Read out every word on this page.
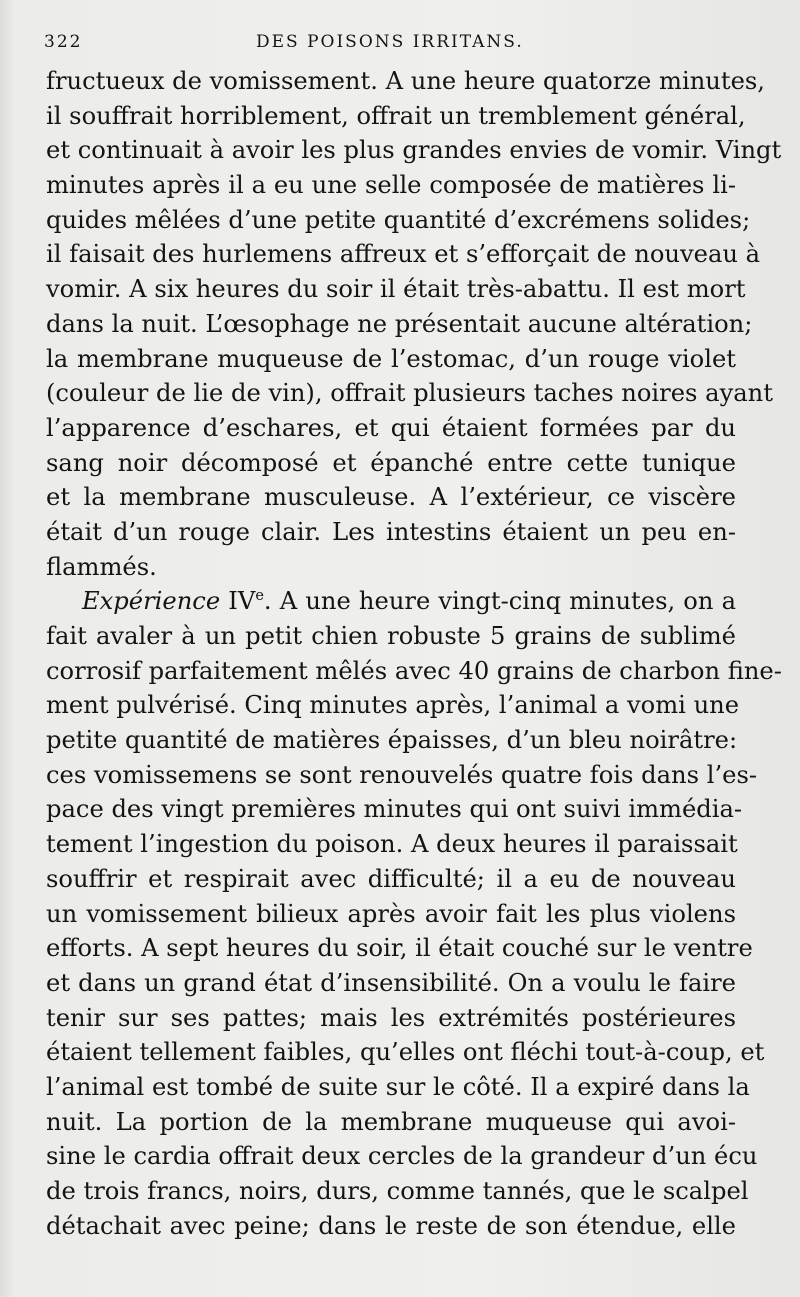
322	DES POISONS IRRITANS.
fructueux de vomissement. A une heure quatorze minutes,
il souffrait horriblement, offrait un tremblement général,
et continuait à avoir les plus grandes envies de vomir. Vingt
minutes après il a eu une selle composée de matières li-
quides mêlées d’une petite quantité d’excrémens solides;
il faisait des hurlemens affreux et s’efforçait de nouveau à
vomir. A six heures du soir il était très-abattu. Il est mort
dans la nuit. L’œsophage ne présentait aucune altération;
la membrane muqueuse de l’estomac, d’un rouge violet
(couleur de lie de vin), offrait plusieurs taches noires ayant
l’apparence d’eschares, et qui étaient formées par du
sang noir décomposé et épanché entre cette tunique
et la membrane musculeuse. A l’extérieur, ce viscère
était d’un rouge clair. Les intestins étaient un peu en-
flammés.
Expérience IVe. A une heure vingt-cinq minutes, on a
fait avaler à un petit chien robuste 5 grains de sublimé
corrosif parfaitement mêlés avec 40 grains de charbon fine-
ment pulvérisé. Cinq minutes après, l’animal a vomi une
petite quantité de matières épaisses, d’un bleu noirâtre:
ces vomissemens se sont renouvelés quatre fois dans l’es-
pace des vingt premières minutes qui ont suivi immédia-
tement l’ingestion du poison. A deux heures il paraissait
souffrir et respirait avec difficulté; il a eu de nouveau
un vomissement bilieux après avoir fait les plus violens
efforts. A sept heures du soir, il était couché sur le ventre
et dans un grand état d’insensibilité. On a voulu le faire
tenir sur ses pattes; mais les extrémités postérieures
étaient tellement faibles, qu’elles ont fléchi tout-à-coup, et
l’animal est tombé de suite sur le côté. Il a expiré dans la
nuit. La portion de la membrane muqueuse qui avoi-
sine le cardia offrait deux cercles de la grandeur d’un écu
de trois francs, noirs, durs, comme tannés, que le scalpel
détachait avec peine; dans le reste de son étendue, elle
